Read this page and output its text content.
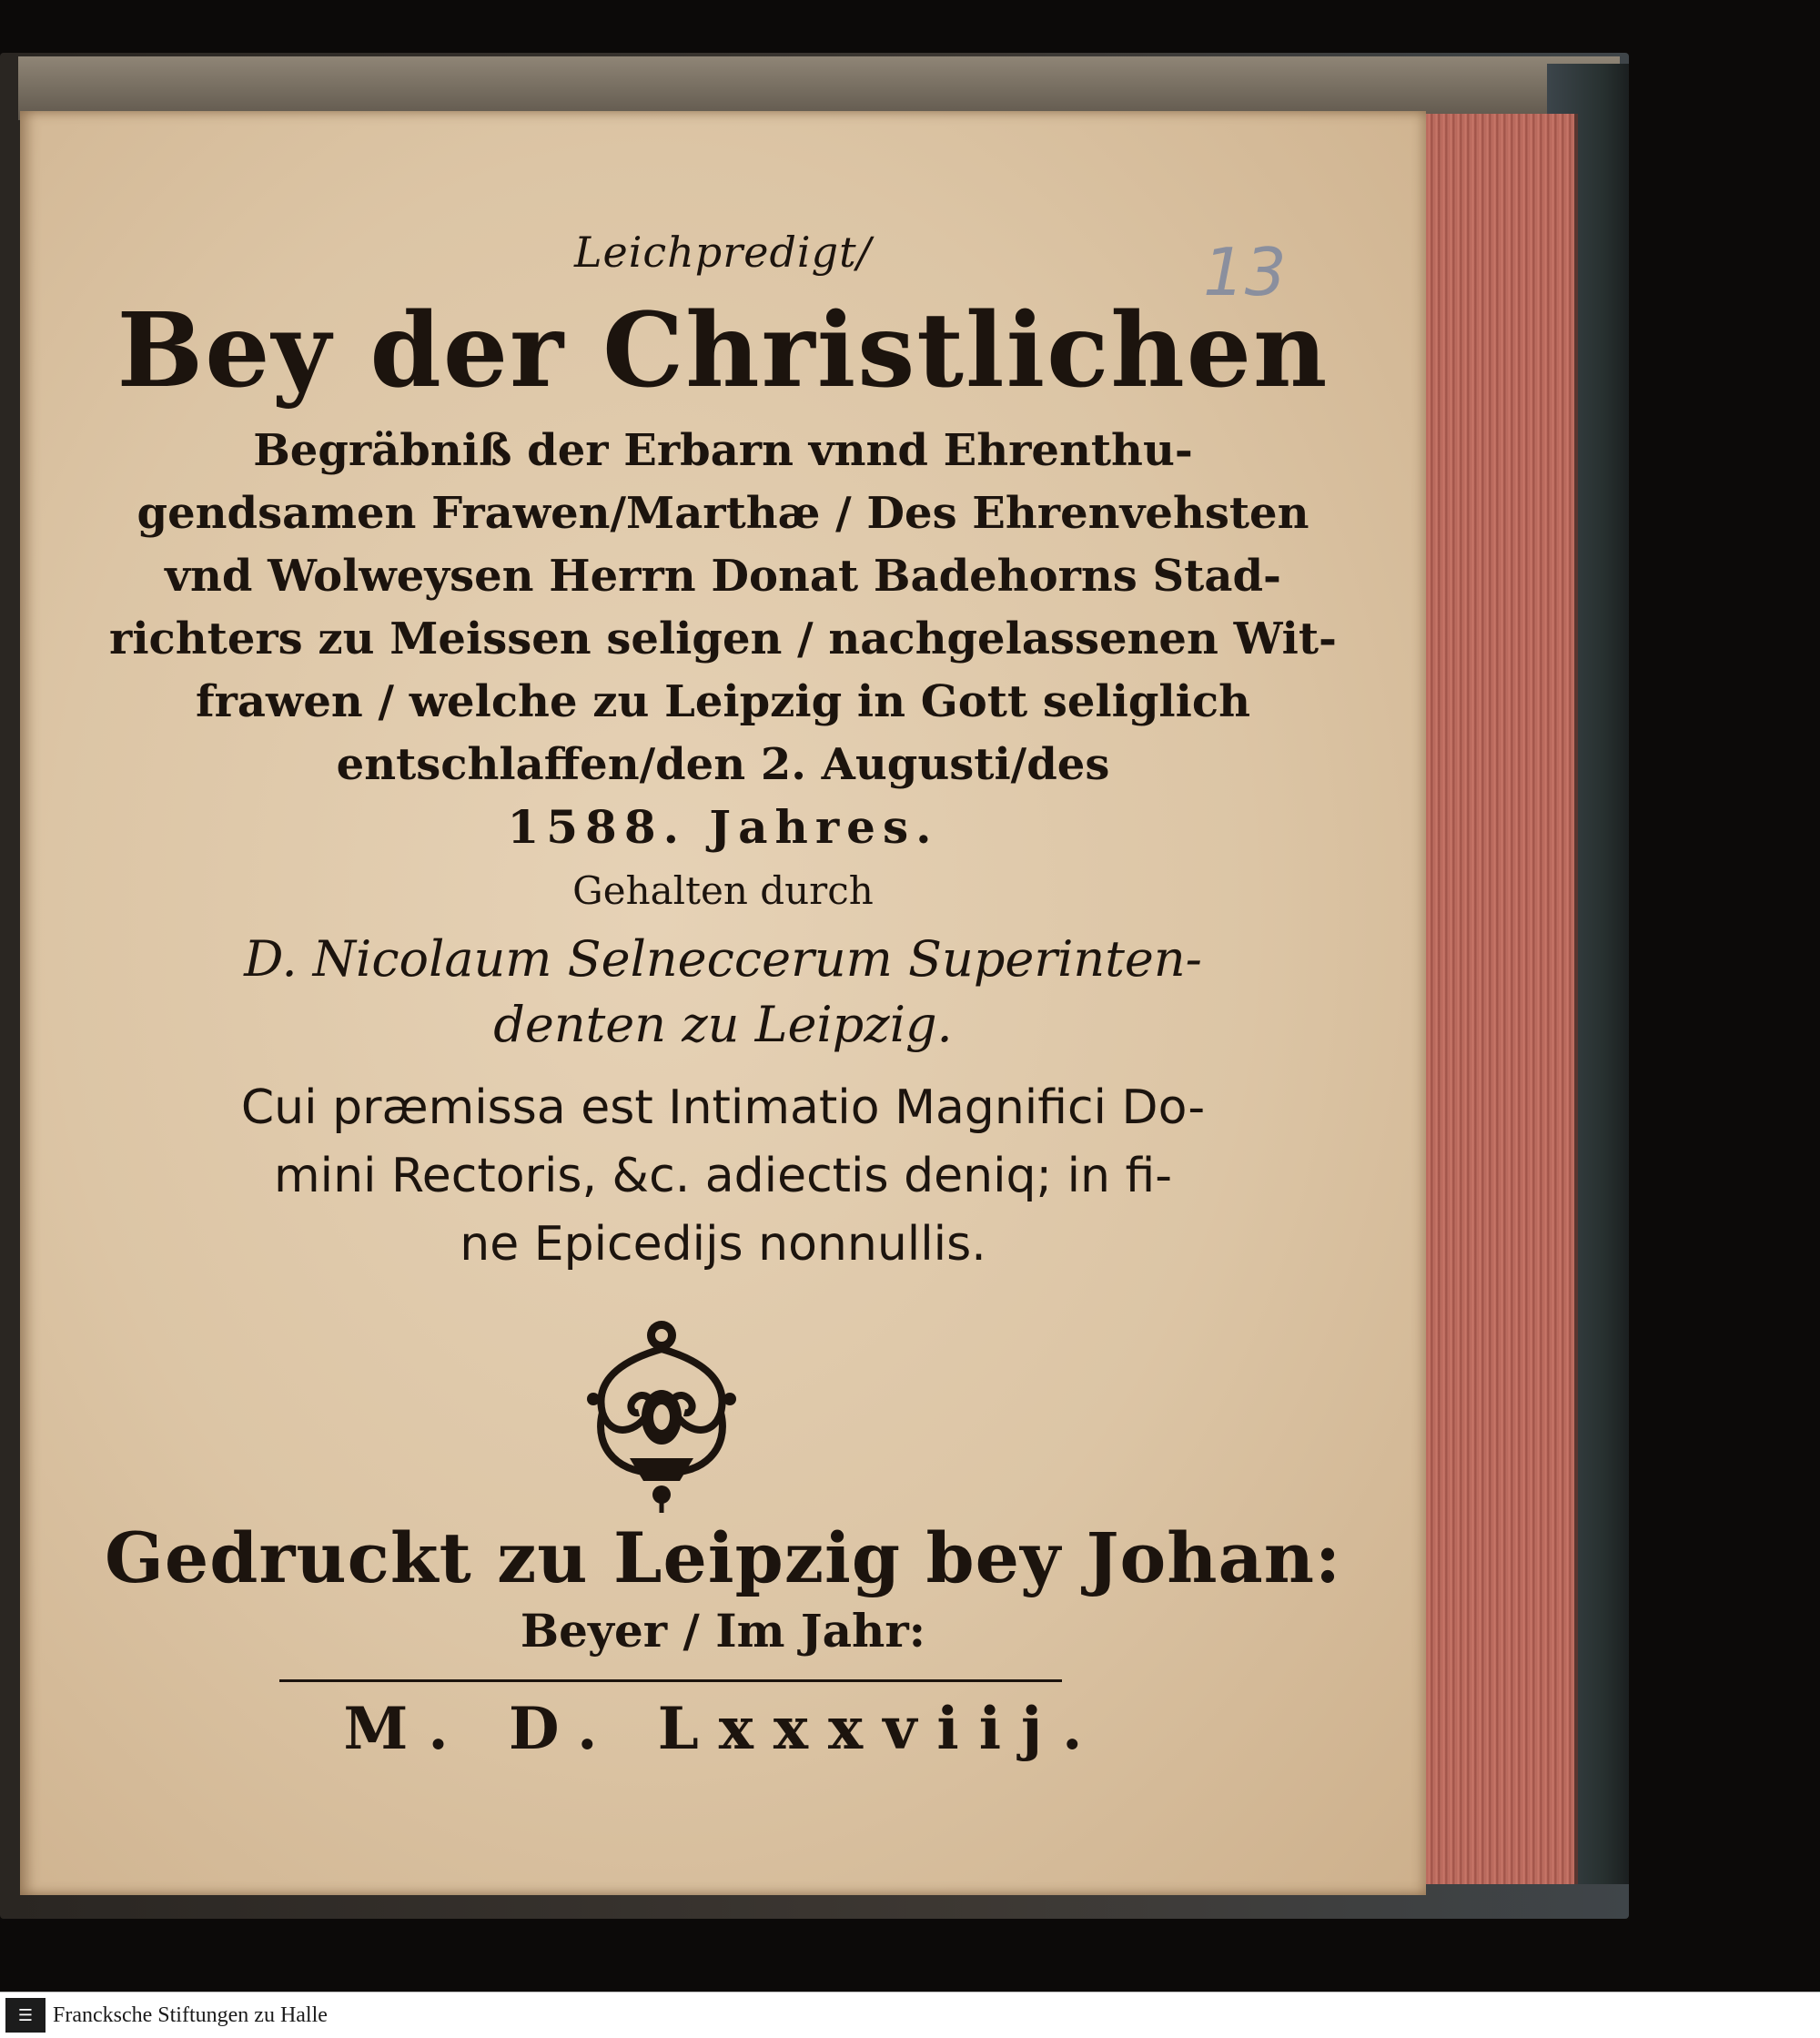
13
Leichpredigt/
Bey der Christlichen
Begräbniß der Erbarn vnnd Ehrenthu-
gendsamen Frawen/Marthæ / Des Ehrenvehsten
vnd Wolweysen Herrn Donat Badehorns Stad-
richters zu Meissen seligen / nachgelassenen Wit-
frawen / welche zu Leipzig in Gott seliglich
entschlaffen/den 2. Augusti/des
1588. Jahres.
Gehalten durch
D. Nicolaum Selneccerum Superinten-
denten zu Leipzig.
Cui præmissa est Intimatio Magnifici Do-
mini Rectoris, &c. adiectis deniq; in fi-
ne Epicedijs nonnullis.
Gedruckt zu Leipzig bey Johan:
Beyer / Im Jahr:
M. D. Lxxxviij.
☰ Francksche Stiftungen zu Halle
